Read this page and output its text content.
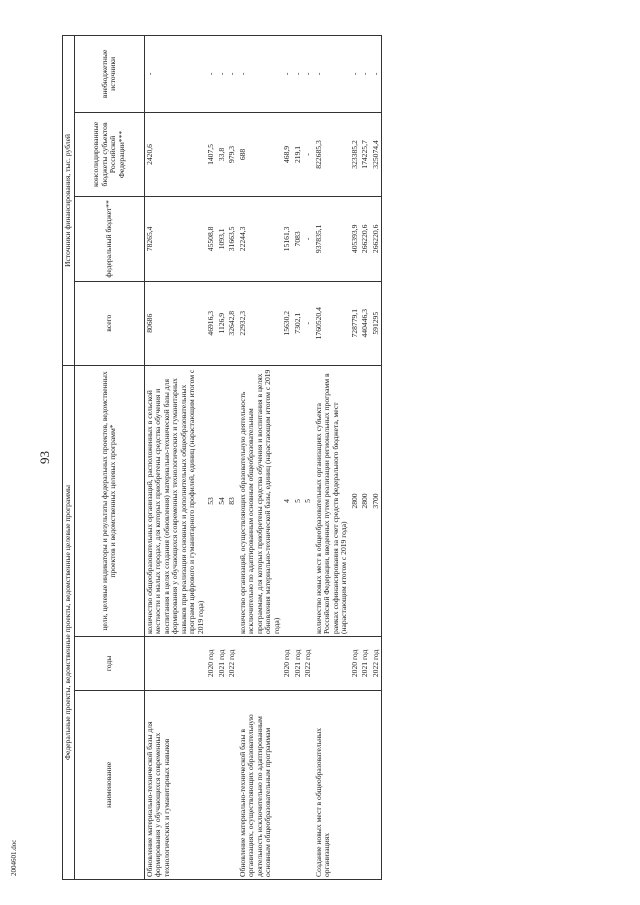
2004601.doc
93
Федеральные проекты, ведомственные проекты, ведомственные целевые программы			Источники финансирования, тыс. рублей			
наименование	годы	цели, целевые индикаторы и результаты федеральных проектов, ведомственных проектов и ведомственных целевых программ*	всего	федеральный бюджет**	консолидированные бюджеты субъектов Российской Федерации***	внебюджетные источники
Обновление материально-технической базы для формирования у обучающихся современных технологических и гуманитарных навыков		количество общеобразовательных организаций, расположенных в сельской местности и малых городах, для которых приобретены средства обучения и воспитания в целях создания (обновления) материально-технической базы для формирования у обучающихся современных технологических и гуманитарных навыков при реализации основных и дополнительных общеобразовательных программ цифрового и гуманитарного профилей, единиц (нарастающим итогом с 2019 года)	80686	78265,4	2420,6	-
	2020 год	53	46916,3	45508,8	1407,5	-
	2021 год	54	1126,9	1093,1	33,8	-
	2022 год	83	32642,8	31663,5	979,3	-
Обновление материально-технической базы в организациях, осуществляющих образовательную деятельность исключительно по адаптированным основным общеобразовательным программам		количество организаций, осуществляющих образовательную деятельность исключительно по адаптированным основным общеобразовательным программам, для которых приобретены средства обучения и воспитания в целях обновления материально-технической базы, единиц (нарастающим итогом с 2019 года)	22932,3	22244,3	688	-
	2020 год	4	15630,2	15161,3	468,9	-
	2021 год	5	7302,1	7083	219,1	-
	2022 год	5	-	-	-	-
Создание новых мест в общеобразовательных организациях		количество новых мест в общеобразовательных организациях субъекта Российской Федерации, введенных путем реализации региональных программ в рамках софинансирования за счет средств федерального бюджета, мест (нарастающим итогом с 2019 года)	1760520,4	937835,1	822685,3	-
	2020 год	2800	728779,1	405393,9	323385,2	-
	2021 год	2800	440446,3	266220,6	174225,7	-
	2022 год	3700	591295	266220,6	325074,4	-
